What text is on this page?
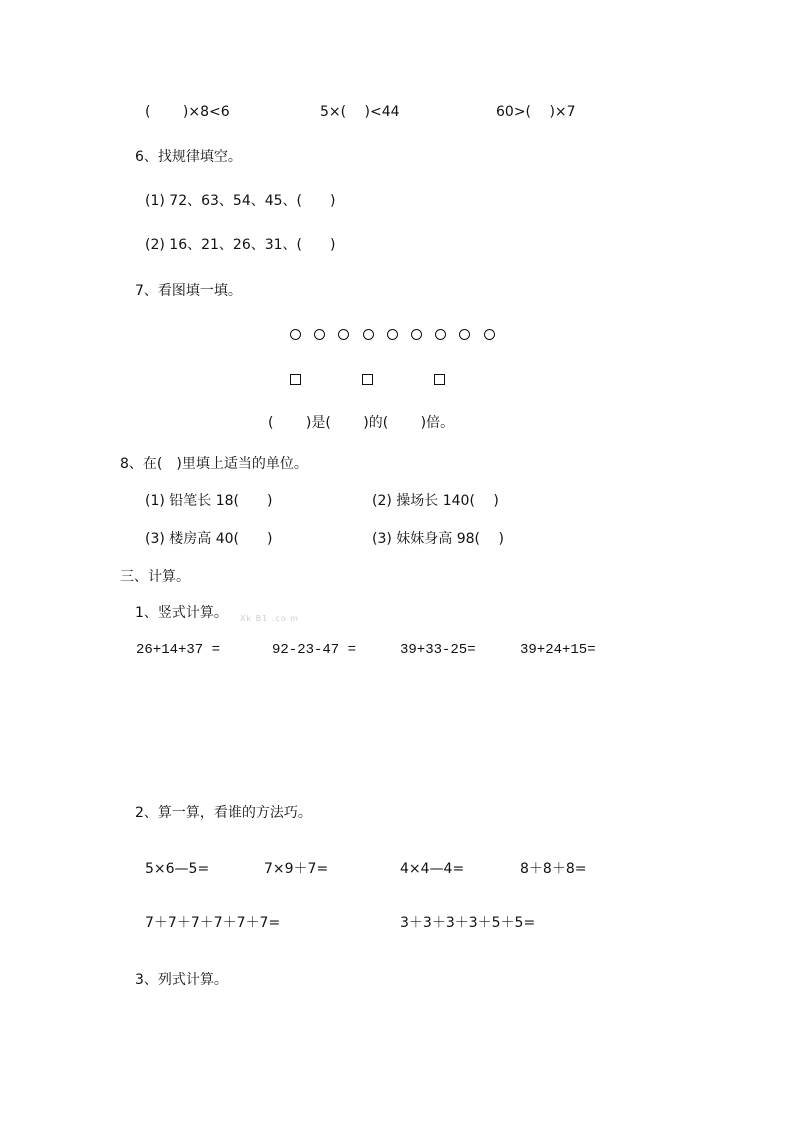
(　　 )×8<6	5×(　 )<44	60>(　 )×7
6、找规律填空。
(1) 72、63、54、45、(　　)
(2) 16、21、26、31、(　　)
7、看图填一填。
(　　 )是(　　 )的(　　 )倍。
8、在(　)里填上适当的单位。
(1) 铅笔长 18(　　)	(2) 操场长 140(　 )
(3) 楼房高 40(　　)	(3) 妹妹身高 98(　 )
三、计算。
1、竖式计算。 Xk B1 .co m
26+14+37 =	92-23-47 =	39+33-25=	39+24+15=
2、算一算，看谁的方法巧。
5×6—5=	7×9＋7=	4×4—4=	8＋8＋8=
7＋7＋7＋7＋7＋7=	3＋3＋3＋3＋5＋5=
3、列式计算。
